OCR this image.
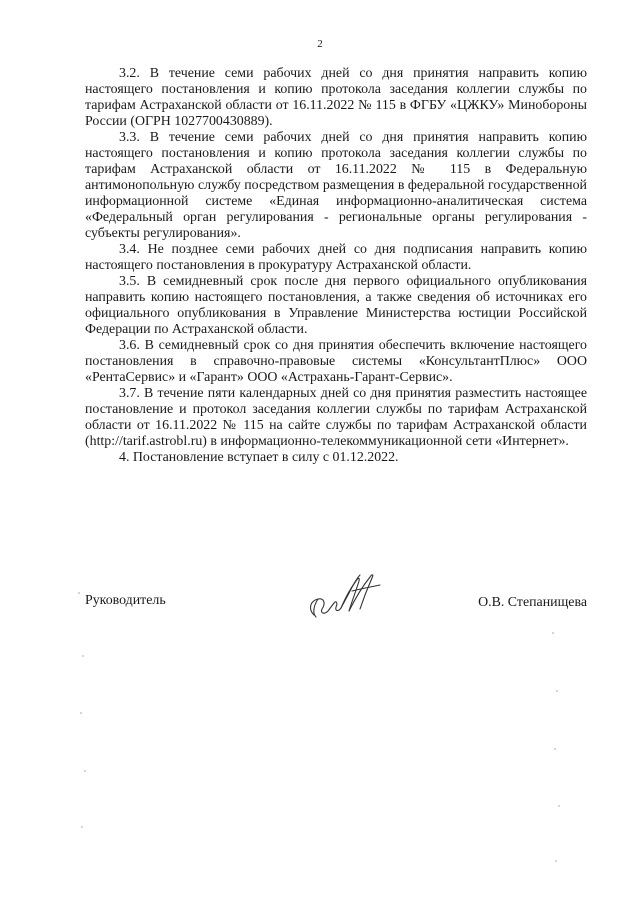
2

3.2. В течение семи рабочих дней со дня принятия направить копию настоящего постановления и копию протокола заседания коллегии службы по тарифам Астраханской области от 16.11.2022 № 115 в ФГБУ «ЦЖКУ» Минобороны России (ОГРН 1027700430889).

3.3. В течение семи рабочих дней со дня принятия направить копию настоящего постановления и копию протокола заседания коллегии службы по тарифам Астраханской области от 16.11.2022 № 115 в Федеральную антимонопольную службу посредством размещения в федеральной государственной информационной системе «Единая информационно-аналитическая система «Федеральный орган регулирования - региональные органы регулирования - субъекты регулирования».

3.4. Не позднее семи рабочих дней со дня подписания направить копию настоящего постановления в прокуратуру Астраханской области.

3.5. В семидневный срок после дня первого официального опубликования направить копию настоящего постановления, а также сведения об источниках его официального опубликования в Управление Министерства юстиции Российской Федерации по Астраханской области.

3.6. В семидневный срок со дня принятия обеспечить включение настоящего постановления в справочно-правовые системы «КонсультантПлюс» ООО «РентаСервис» и «Гарант» ООО «Астрахань-Гарант-Сервис».

3.7. В течение пяти календарных дней со дня принятия разместить настоящее постановление и протокол заседания коллегии службы по тарифам Астраханской области от 16.11.2022 № 115 на сайте службы по тарифам Астраханской области (http://tarif.astrobl.ru) в информационно-телекоммуникационной сети «Интернет».

4. Постановление вступает в силу с 01.12.2022.

Руководитель	О.В. Степанищева
